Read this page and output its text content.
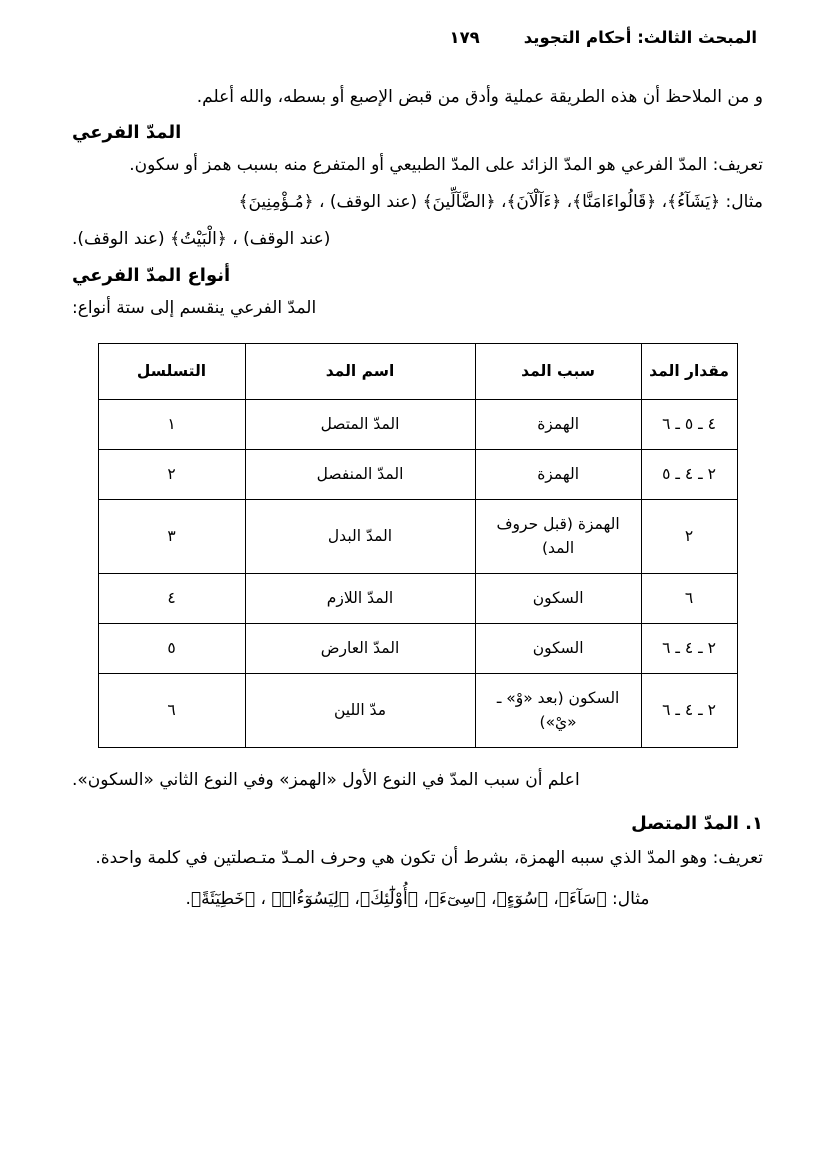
المبحث الثالث: أحكام التجويد
١٧٩

و من الملاحظ أن هذه الطريقة عملية وأدق من قبض الإصبع أو بسطه، والله أعلم.

المدّ الفرعي

تعريف: المدّ الفرعي هو المدّ الزائد على المدّ الطبيعي أو المتفرع منه بسبب همز أو سكون.

مثال: ﴿يَشَآءُ﴾، ﴿قَالُواءَامَنَّا﴾، ﴿ءَآلْآنَ﴾، ﴿الضَّآلِّينَ﴾ (عند الوقف) ، ﴿مُـؤْمِنِينَ﴾

(عند الوقف) ، ﴿الْبَيْتُ﴾ (عند الوقف).

أنواع المدّ الفرعي

المدّ الفرعي ينقسم إلى ستة أنواع:

مقدار المد	سبب المد	اسم المد	التسلسل
٤ ـ ٥ ـ ٦	الهمزة	المدّ المتصل	١
٢ ـ ٤ ـ ٥	الهمزة	المدّ المنفصل	٢
٢	الهمزة (قبل حروف المد)	المدّ البدل	٣
٦	السكون	المدّ اللازم	٤
٢ ـ ٤ ـ ٦	السكون	المدّ العارض	٥
٢ ـ ٤ ـ ٦	السكون (بعد «وْ» ـ «يْ»)	مدّ اللين	٦

اعلم أن سبب المدّ في النوع الأول «الهمز» وفي النوع الثاني «السكون».

١. المدّ المتصل

تعريف: وهو المدّ الذي سببه الهمزة، بشرط أن تكون هي وحرف المـدّ متـصلتين في كلمة واحدة.

مثال: ﴿سَآءَ﴾، ﴿سُوٓءٍ﴾، ﴿سِىٓءَ﴾، ﴿أُوْلَٰٓئِكَ﴾، ﴿لِيَسُوٓءُا۟﴾ ، ﴿خَطِيٓئَةً﴾.
